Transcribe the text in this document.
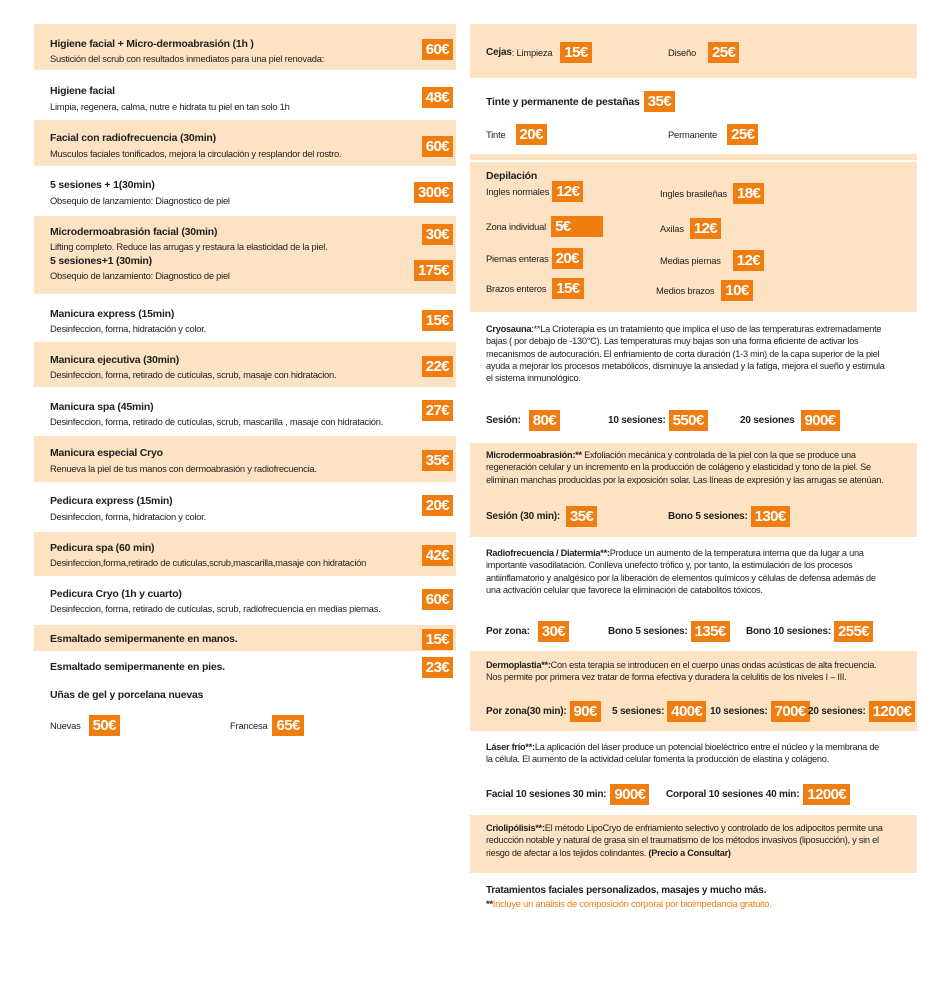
Higiene facial + Micro-dermoabrasión (1h )
Sustición del scrub con resultados inmediatos para una piel renovada:
60€
Higiene facial
Limpia, regenera, calma, nutre e hidrata tu piel en tan solo 1h
48€
Facial con radiofrecuencia (30min)
Musculos faciales tonificados, mejora la circulación y resplandor del rostro.	60€
5 sesiones + 1(30min)
Obsequio de lanzamiento: Diagnostico de piel	300€
Microdermoabrasión facial (30min)
Lifting completo. Reduce las arrugas y restaura la elasticidad de la piel.
30€
5 sesiones+1 (30min)
Obsequio de lanzamiento: Diagnostico de piel	175€
Manicura express (15min)
Desinfeccion, forma, hidratación y color.	15€
Manicura ejecutiva (30min)
Desinfeccion, forma, retirado de cutículas, scrub, masaje con hidratacion.	22€
Manicura spa (45min)
Desinfeccion, forma, retirado de cutículas, scrub, mascarilla , masaje con hidratación.
27€
Manicura especial Cryo
Renueva la piel de tus manos con dermoabrasión y radiofrecuencia.	35€
Pedicura express (15min)
Desinfeccion, forma, hidratacion y color.
20€
Pedicura spa (60 min)
Desinfeccion,forma,retirado de cuticulas,scrub,mascarilla,masaje con hidratación	42€
Pedicura Cryo (1h y cuarto)
Desinfeccion, forma, retirado de cutículas, scrub, radiofrecuencia en medias piernas.
60€
Esmaltado semipermanente en manos.	15€
Esmaltado semipermanente en pies.	23€
Uñas de gel y porcelana nuevas
Nuevas 50€	Francesa 65€
Cejas : Limpieza 15€	Diseño 25€
Tinte y permanente de pestañas 35€
Tinte 20€	Permanente 25€
Depilación
Ingles normales 12€	Ingles brasileñas 18€
Zona individual 5€	Axilas 12€
Piernas enteras 20€	Medias piernas 12€
Brazos enteros 15€	Medios brazos 10€
Cryosauna:**La Crioterapia es un tratamiento que implica el uso de las temperaturas extremadamente
bajas ( por debajo de -130°C). Las temperaturas muy bajas son una forma eficiente de activar los
mecanismos de autocuración. El enfriamiento de corta duración (1-3 min) de la capa superior de la piel
ayuda a mejorar los procesos metabólicos, disminuye la ansiedad y la fatiga, mejora el sueño y estimula
el sistema inmunológico.
Sesión: 80€	10 sesiones: 550€	20 sesiones 900€
Microdermoabrasión:** Exfoliación mecánica y controlada de la piel con la que se produce una
regeneración celular y un incremento en la producción de colágeno y elasticidad y tono de la piel. Se
eliminan manchas producidas por la exposición solar. Las líneas de expresión y las arrugas se atenúan.
Sesión (30 min): 35€	Bono 5 sesiones: 130€
Radiofrecuencia / Diatermia**:Produce un aumento de la temperatura interna que da lugar a una
importante vasodilatación. Conlleva unefecto trófico y, por tanto, la estimulación de los procesos
antiinflamatorio y analgésico por la liberación de elementos químicos y células de defensa además de
una activación celular que favorece la eliminación de catabolitos tóxicos.
Por zona: 30€	Bono 5 sesiones: 135€	Bono 10 sesiones: 255€
Dermoplastia**:Con esta terapia se introducen en el cuerpo unas ondas acústicas de alta frecuencia.
Nos permite por primera vez tratar de forma efectiva y duradera la celulitis de los niveles I – III.
Por zona(30 min): 90€	5 sesiones: 400€ 10 sesiones: 700€ 20 sesiones: 1200€
Láser frío**:La aplicación del láser produce un potencial bioeléctrico entre el núcleo y la membrana de
la célula. El aumento de la actividad celular fomenta la producción de elastina y colágeno.
Facial 10 sesiones 30 min: 900€	Corporal 10 sesiones 40 min: 1200€
Criolipólisis**:El método LipoCryo de enfriamiento selectivo y controlado de los adipocitos permite una
reducción notable y natural de grasa sin el traumatismo de los métodos invasivos (liposucción), y sin el
riesgo de afectar a los tejidos colindantes. (Precio a Consultar)
Tratamientos faciales personalizados, masajes y mucho más.
**Incluye un análisis de composición corporal por bioimpedancia gratuito.
